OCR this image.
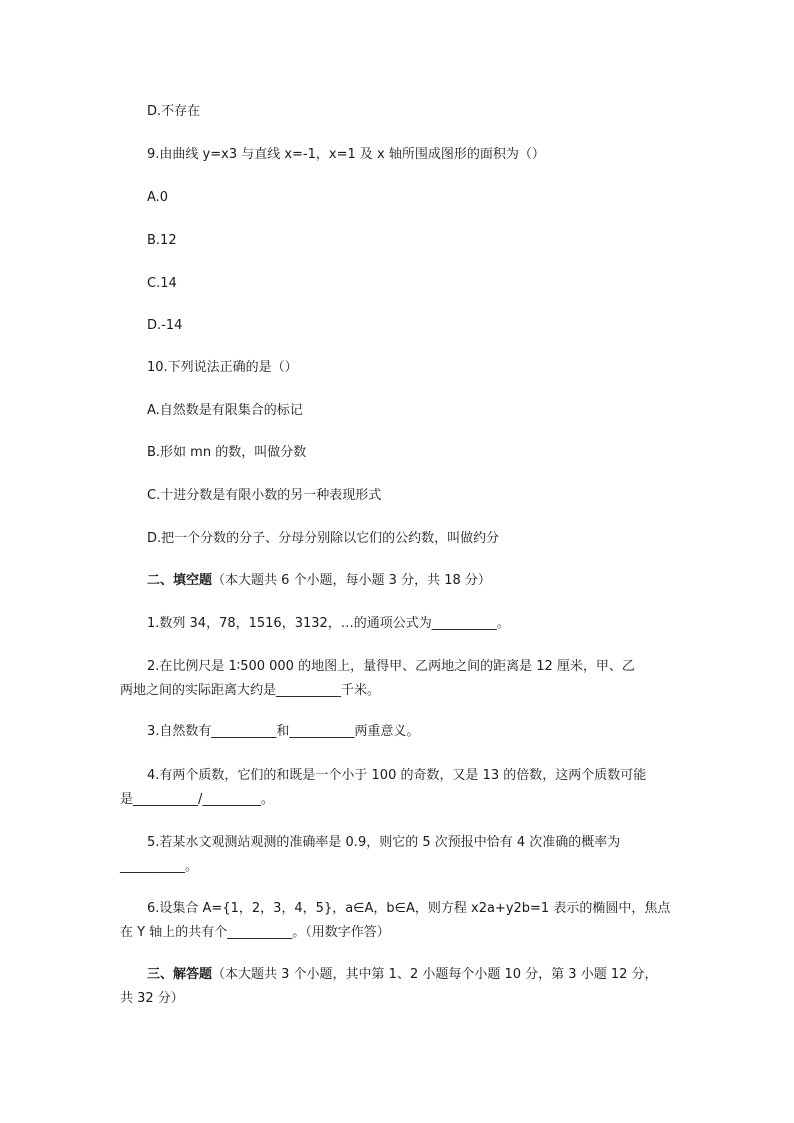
D.不存在
9.由曲线 y=x3 与直线 x=-1，x=1 及 x 轴所围成图形的面积为（）
A.0
B.12
C.14
D.-14
10.下列说法正确的是（）
A.自然数是有限集合的标记
B.形如 mn 的数，叫做分数
C.十进分数是有限小数的另一种表现形式
D.把一个分数的分子、分母分别除以它们的公约数，叫做约分
二、填空题（本大题共 6 个小题，每小题 3 分，共 18 分）
1.数列 34，78，1516，3132，…的通项公式为__________。
2.在比例尺是 1∶500 000 的地图上，量得甲、乙两地之间的距离是 12 厘米，甲、乙
两地之间的实际距离大约是__________千米。
3.自然数有__________和__________两重意义。
4.有两个质数，它们的和既是一个小于 100 的奇数，又是 13 的倍数，这两个质数可能
是__________/_________。
5.若某水文观测站观测的准确率是 0.9，则它的 5 次预报中恰有 4 次准确的概率为
__________。
6.设集合 A={1，2，3，4，5}，a∈A，b∈A，则方程 x2a+y2b=1 表示的椭圆中，焦点
在 Y 轴上的共有个__________。（用数字作答）
三、解答题（本大题共 3 个小题，其中第 1、2 小题每个小题 10 分，第 3 小题 12 分，
共 32 分）
